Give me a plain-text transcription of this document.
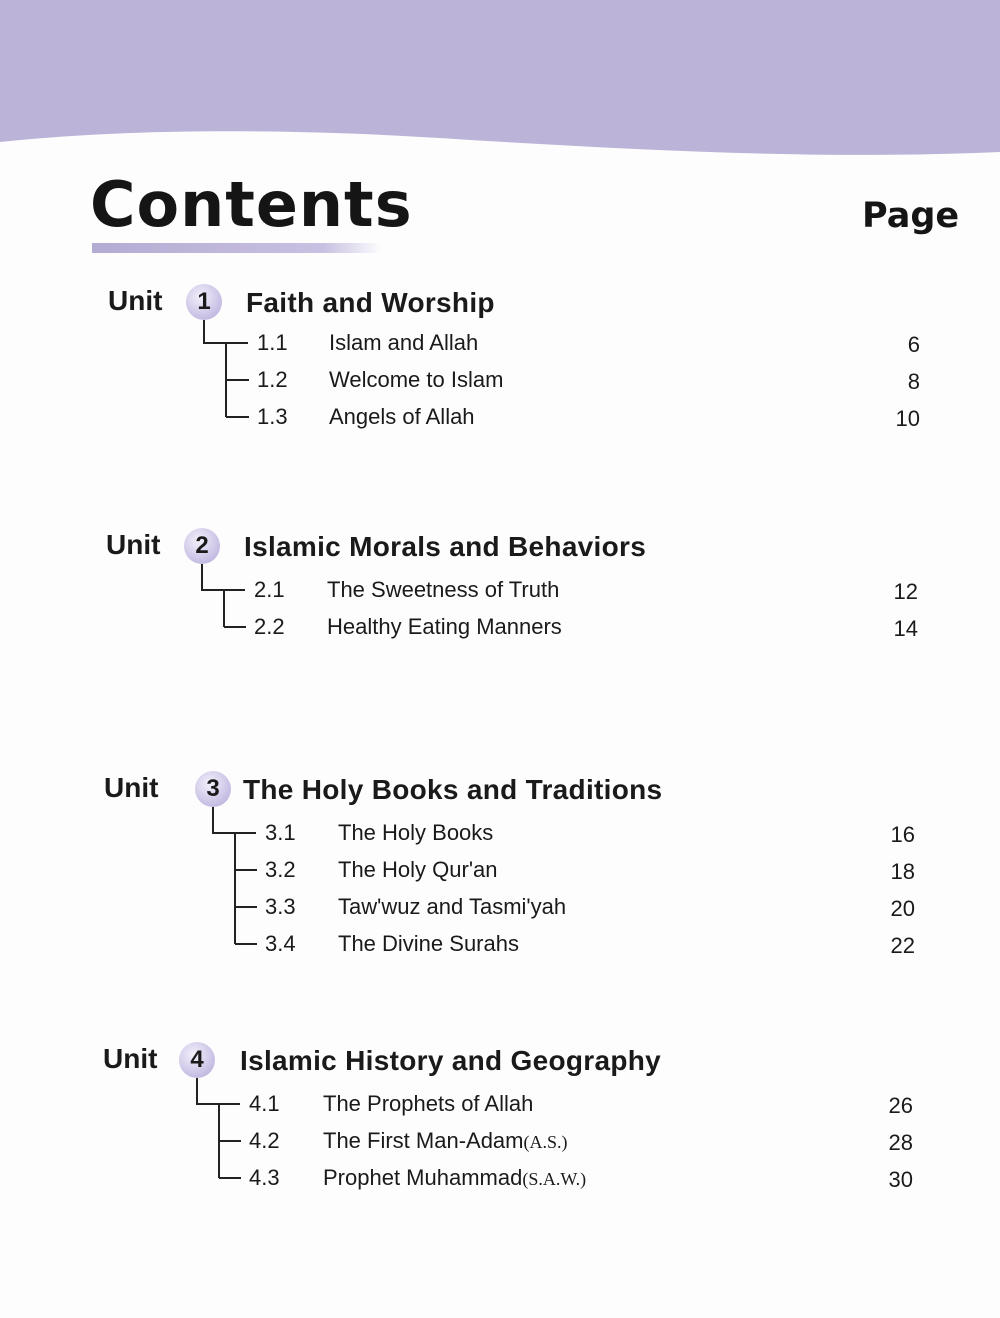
Contents	Page
Unit	1	Faith and Worship
1.1 Islam and Allah	6
1.2 Welcome to Islam	8
1.3 Angels of Allah	10
Unit	2	Islamic Morals and Behaviors
2.1 The Sweetness of Truth	12
2.2 Healthy Eating Manners	14
Unit	3 The Holy Books and Traditions
3.1 The Holy Books	16
3.2 The Holy Qur'an	18
3.3 Taw'wuz and Tasmi'yah	20
3.4 The Divine Surahs	22
Unit	4	Islamic History and Geography
4.1 The Prophets of Allah	26
4.2 The First Man-Adam(A.S.)	28
4.3 Prophet Muhammad(S.A.W.)	30
